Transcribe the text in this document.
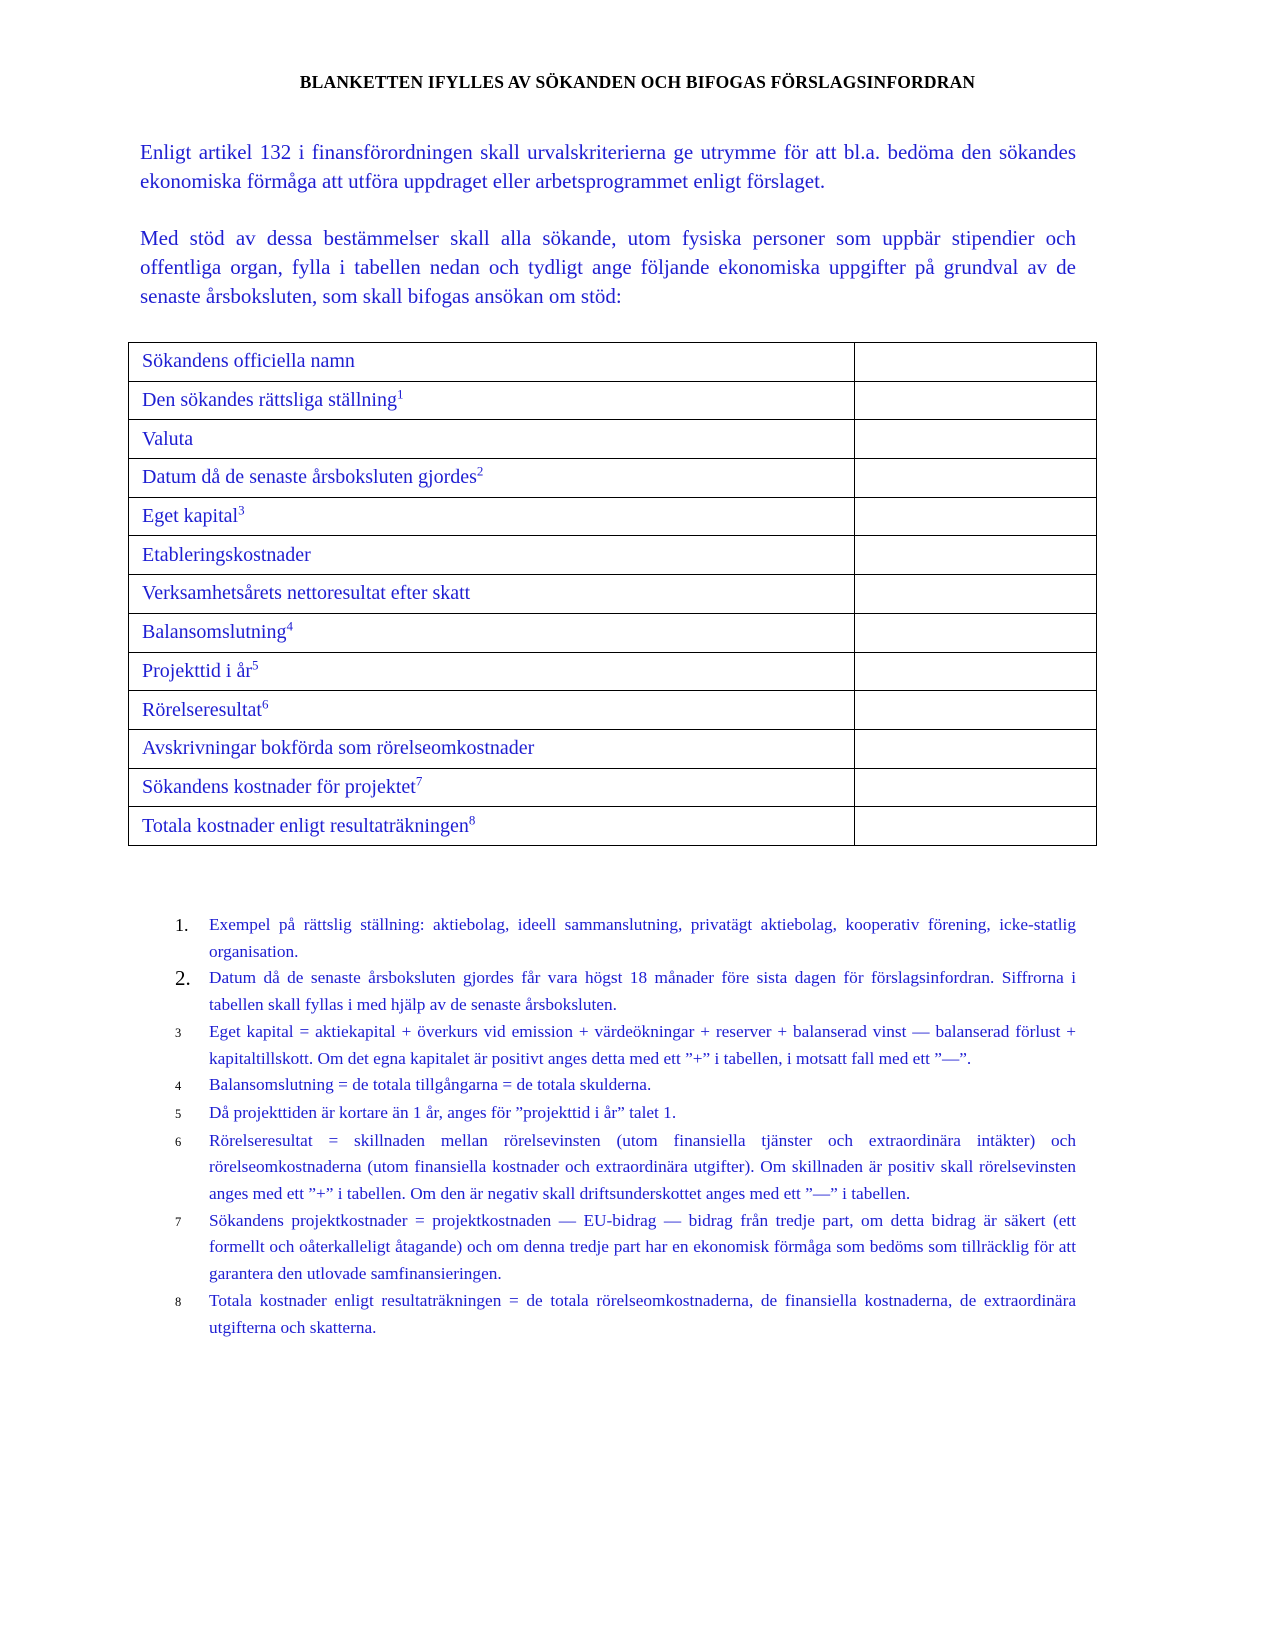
BLANKETTEN IFYLLES AV SÖKANDEN OCH BIFOGAS FÖRSLAGSINFORDRAN

Enligt artikel 132 i finansförordningen skall urvalskriterierna ge utrymme för att bl.a. bedöma den sökandes ekonomiska förmåga att utföra uppdraget eller arbetsprogrammet enligt förslaget.

Med stöd av dessa bestämmelser skall alla sökande, utom fysiska personer som uppbär stipendier och offentliga organ, fylla i tabellen nedan och tydligt ange följande ekonomiska uppgifter på grundval av de senaste årsboksluten, som skall bifogas ansökan om stöd:

Sökandens officiella namn	
Den sökandes rättsliga ställning$^1$	
Valuta	
Datum då de senaste årsboksluten gjordes$^2$	
Eget kapital$^3$	
Etableringskostnader	
Verksamhetsårets nettoresultat efter skatt	
Balansomslutning$^4$	
Projekttid i $år^5$	
Rörelseresultat$^6$	
Avskrivningar bokförda som rörelseomkostnader	
Sökandens kostnader för projektet$^7$	
Totala kostnader enligt resultaträkningen$^8$	
1.	Exempel på rättslig ställning: aktiebolag, ideell sammanslutning, privatägt aktiebolag, kooperativ förening, icke-statlig organisation.
2.	Datum då de senaste årsboksluten gjordes får vara högst 18 månader före sista dagen för förslagsinfordran. Siffrorna i tabellen skall fyllas i med hjälp av de senaste årsboksluten.
3	Eget kapital = aktiekapital + överkurs vid emission + värdeökningar + reserver + balanserad vinst — balanserad förlust + kapitaltillskott. Om det egna kapitalet är positivt anges detta med ett ”+” i tabellen, i motsatt fall med ett ”—”.
4	Balansomslutning = de totala tillgångarna = de totala skulderna.
5	Då projekttiden är kortare än 1 år, anges för ”projekttid i år” talet 1.
6	Rörelseresultat = skillnaden mellan rörelsevinsten (utom finansiella tjänster och extraordinära intäkter) och rörelseomkostnaderna (utom finansiella kostnader och extraordinära utgifter). Om skillnaden är positiv skall rörelsevinsten anges med ett ”+” i tabellen. Om den är negativ skall driftsunderskottet anges med ett ”—” i tabellen.
7	Sökandens projektkostnader = projektkostnaden — EU-bidrag — bidrag från tredje part, om detta bidrag är säkert (ett formellt och oåterkalleligt åtagande) och om denna tredje part har en ekonomisk förmåga som bedöms som tillräcklig för att garantera den utlovade samfinansieringen.
8	Totala kostnader enligt resultaträkningen = de totala rörelseomkostnaderna, de finansiella kostnaderna, de extraordinära utgifterna och skatterna.
